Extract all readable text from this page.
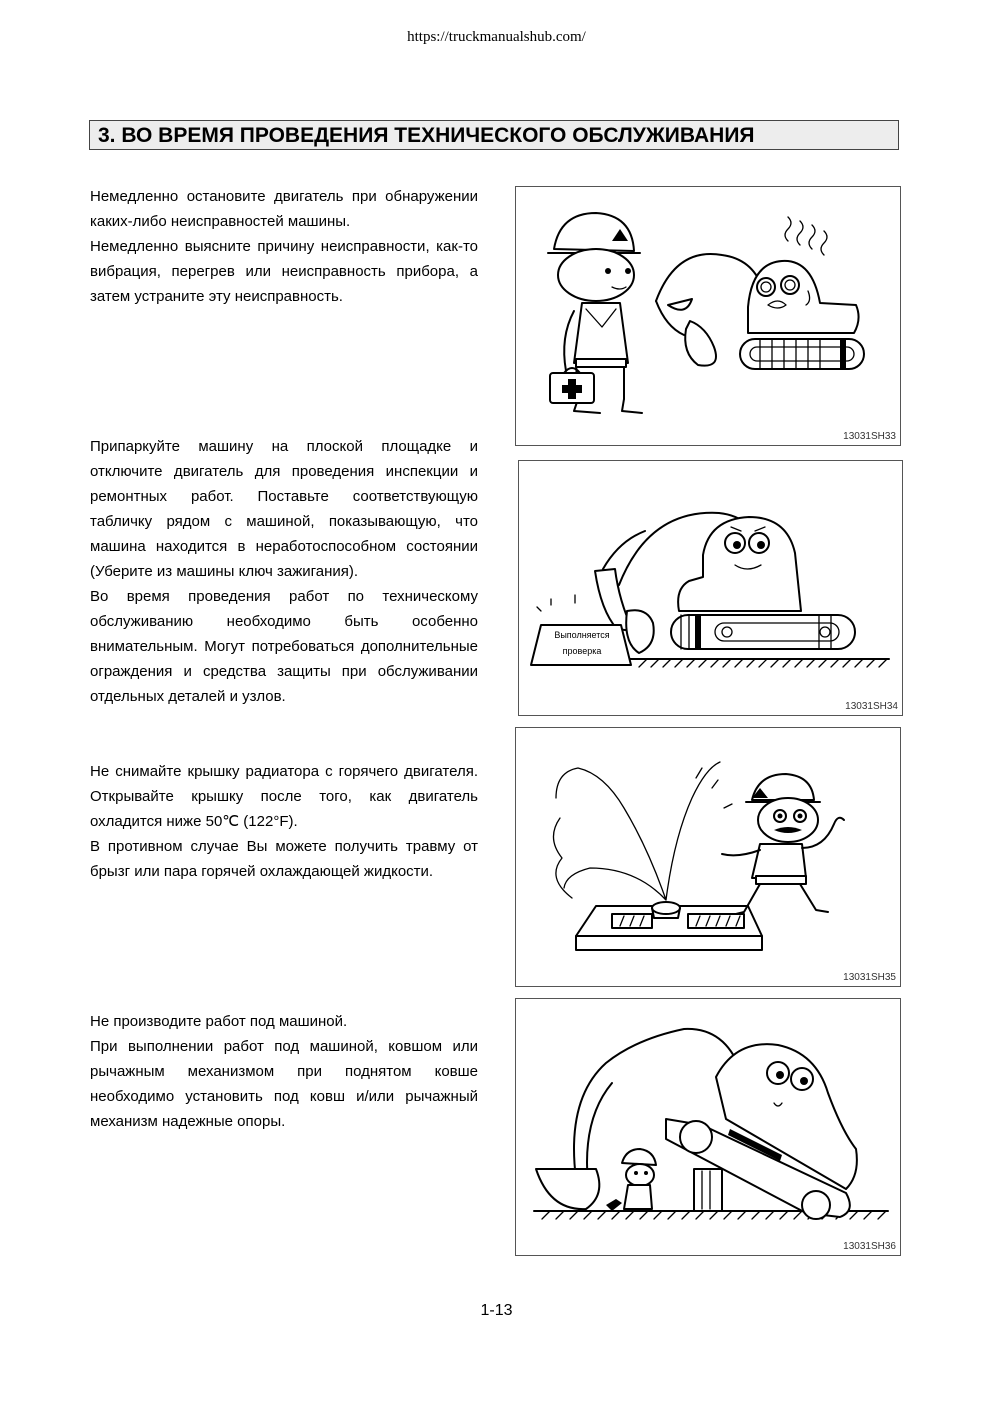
https://truckmanualshub.com/
3. ВО ВРЕМЯ ПРОВЕДЕНИЯ ТЕХНИЧЕСКОГО ОБСЛУЖИВАНИЯ

Немедленно остановите двигатель при обнаружении каких-либо неисправностей машины.

Немедленно выясните причину неисправности, как-то вибрация, перегрев или неисправность прибора, а затем устраните эту неисправность.

13031SH33

Припаркуйте машину на плоской площадке и отключите двигатель для проведения инспекции и ремонтных работ. Поставьте соответствующую табличку рядом с машиной, показывающую, что машина находится в неработоспособном состоянии (Уберите из машины ключ зажигания).

Во время проведения работ по техническому обслуживанию необходимо быть особенно внимательным. Могут потребоваться дополнительные ограждения и средства защиты при обслуживании отдельных деталей и узлов.

Выполняется
проверка
13031SH34

Не снимайте крышку радиатора с горячего двигателя. Открывайте крышку после того, как двигатель охладится ниже 50℃ (122°F).

В противном случае Вы можете получить травму от брызг или пара горячей охлаждающей жидкости.

13031SH35

Не производите работ под машиной.

При выполнении работ под машиной, ковшом или рычажным механизмом при поднятом ковше необходимо установить под ковш и/или рычажный механизм надежные опоры.

13031SH36
1-13
